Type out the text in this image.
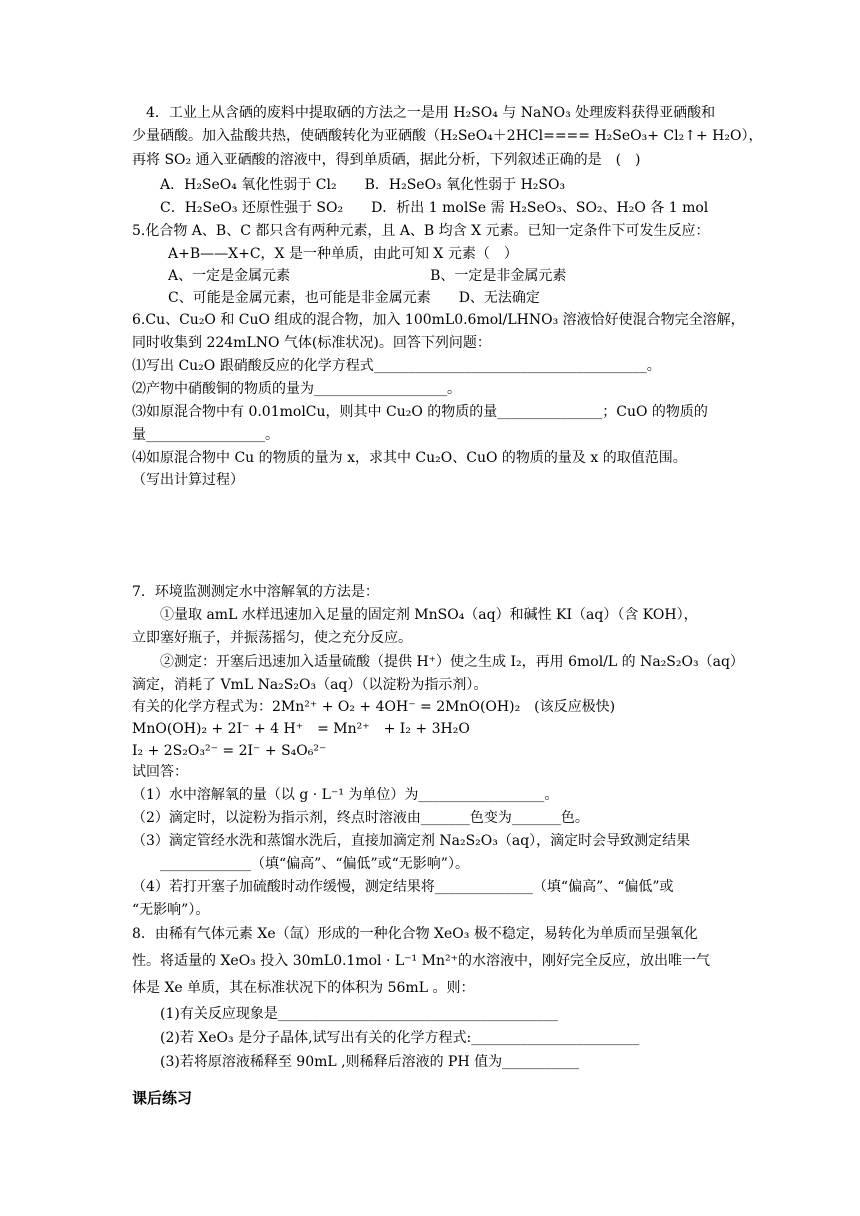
4．工业上从含硒的废料中提取硒的方法之一是用 H₂SO₄ 与 NaNO₃ 处理废料获得亚硒酸和
少量硒酸。加入盐酸共热，使硒酸转化为亚硒酸（H₂SeO₄＋2HCl==== H₂SeO₃+ Cl₂↑+ H₂O），
再将 SO₂ 通入亚硒酸的溶液中，得到单质硒，据此分析，下列叙述正确的是　(　)
A．H₂SeO₄ 氧化性弱于 Cl₂　　B．H₂SeO₃ 氧化性弱于 H₂SO₃
C．H₂SeO₃ 还原性强于 SO₂　　D．析出 1 molSe 需 H₂SeO₃、SO₂、H₂O 各 1 mol
5.化合物 A、B、C 都只含有两种元素，且 A、B 均含 X 元素。已知一定条件下可发生反应：
A+B——X+C，X 是一种单质，由此可知 X 元素（　）
A、一定是金属元素　　　　　　　　　　B、一定是非金属元素
C、可能是金属元素，也可能是非金属元素　　D、无法确定
6.Cu、Cu₂O 和 CuO 组成的混合物，加入 100mL0.6mol/LHNO₃ 溶液恰好使混合物完全溶解，
同时收集到 224mLNO 气体(标准状况)。回答下列问题：
⑴写出 Cu₂O 跟硝酸反应的化学方程式_______________________________________。
⑵产物中硝酸铜的物质的量为___________________。
⑶如原混合物中有 0.01molCu，则其中 Cu₂O 的物质的量_______________；CuO 的物质的
量_________________。
⑷如原混合物中 Cu 的物质的量为 x，求其中 Cu₂O、CuO 的物质的量及 x 的取值范围。
（写出计算过程）
7．环境监测测定水中溶解氧的方法是：
①量取 amL 水样迅速加入足量的固定剂 MnSO₄（aq）和碱性 KI（aq）（含 KOH），
立即塞好瓶子，并振荡摇匀，使之充分反应。
②测定：开塞后迅速加入适量硫酸（提供 H⁺）使之生成 I₂，再用 6mol/L 的 Na₂S₂O₃（aq）
滴定，消耗了 VmL Na₂S₂O₃（aq）（以淀粉为指示剂）。
有关的化学方程式为：2Mn²⁺ + O₂ + 4OH⁻ = 2MnO(OH)₂　(该反应极快)
MnO(OH)₂ + 2I⁻ + 4 H⁺　= Mn²⁺　+ I₂ + 3H₂O
I₂ + 2S₂O₃²⁻ = 2I⁻ + S₄O₆²⁻
试回答：
（1）水中溶解氧的量（以 g · L⁻¹ 为单位）为__________________。
（2）滴定时，以淀粉为指示剂，终点时溶液由_______色变为_______色。
（3）滴定管经水洗和蒸馏水洗后，直接加滴定剂 Na₂S₂O₃（aq），滴定时会导致测定结果
_____________（填“偏高”、“偏低”或“无影响”）。
（4）若打开塞子加硫酸时动作缓慢，测定结果将______________（填“偏高”、“偏低”或
“无影响”）。
8．由稀有气体元素 Xe（氙）形成的一种化合物 XeO₃ 极不稳定，易转化为单质而呈强氧化
性。将适量的 XeO₃ 投入 30mL0.1mol · L⁻¹ Mn²⁺的水溶液中，刚好完全反应，放出唯一气
体是 Xe 单质，其在标准状况下的体积为 56mL 。则：
(1)有关反应现象是________________________________________
(2)若 XeO₃ 是分子晶体,试写出有关的化学方程式:________________________
(3)若将原溶液稀释至 90mL ,则稀释后溶液的 PH 值为___________
课后练习
